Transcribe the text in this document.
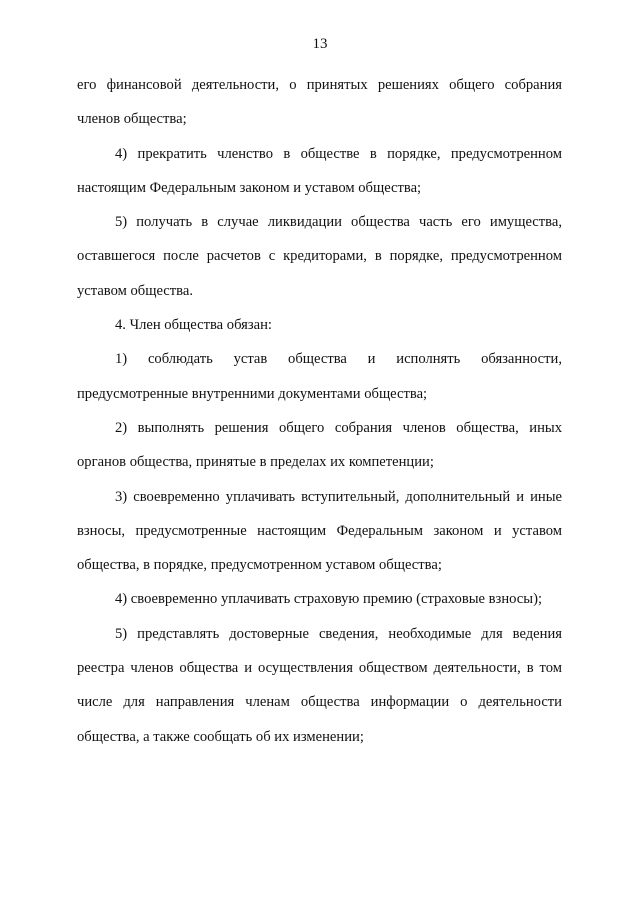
13
его финансовой деятельности, о принятых решениях общего собрания
членов общества;
4) прекратить членство в обществе в порядке, предусмотренном
настоящим Федеральным законом и уставом общества;
5) получать в случае ликвидации общества часть его имущества,
оставшегося после расчетов с кредиторами, в порядке, предусмотренном
уставом общества.
4. Член общества обязан:
1) соблюдать устав общества и исполнять обязанности,
предусмотренные внутренними документами общества;
2) выполнять решения общего собрания членов общества, иных
органов общества, принятые в пределах их компетенции;
3) своевременно уплачивать вступительный, дополнительный и иные
взносы, предусмотренные настоящим Федеральным законом и уставом
общества, в порядке, предусмотренном уставом общества;
4) своевременно уплачивать страховую премию (страховые взносы);
5) представлять достоверные сведения, необходимые для ведения
реестра членов общества и осуществления обществом деятельности, в том
числе для направления членам общества информации о деятельности
общества, а также сообщать об их изменении;
